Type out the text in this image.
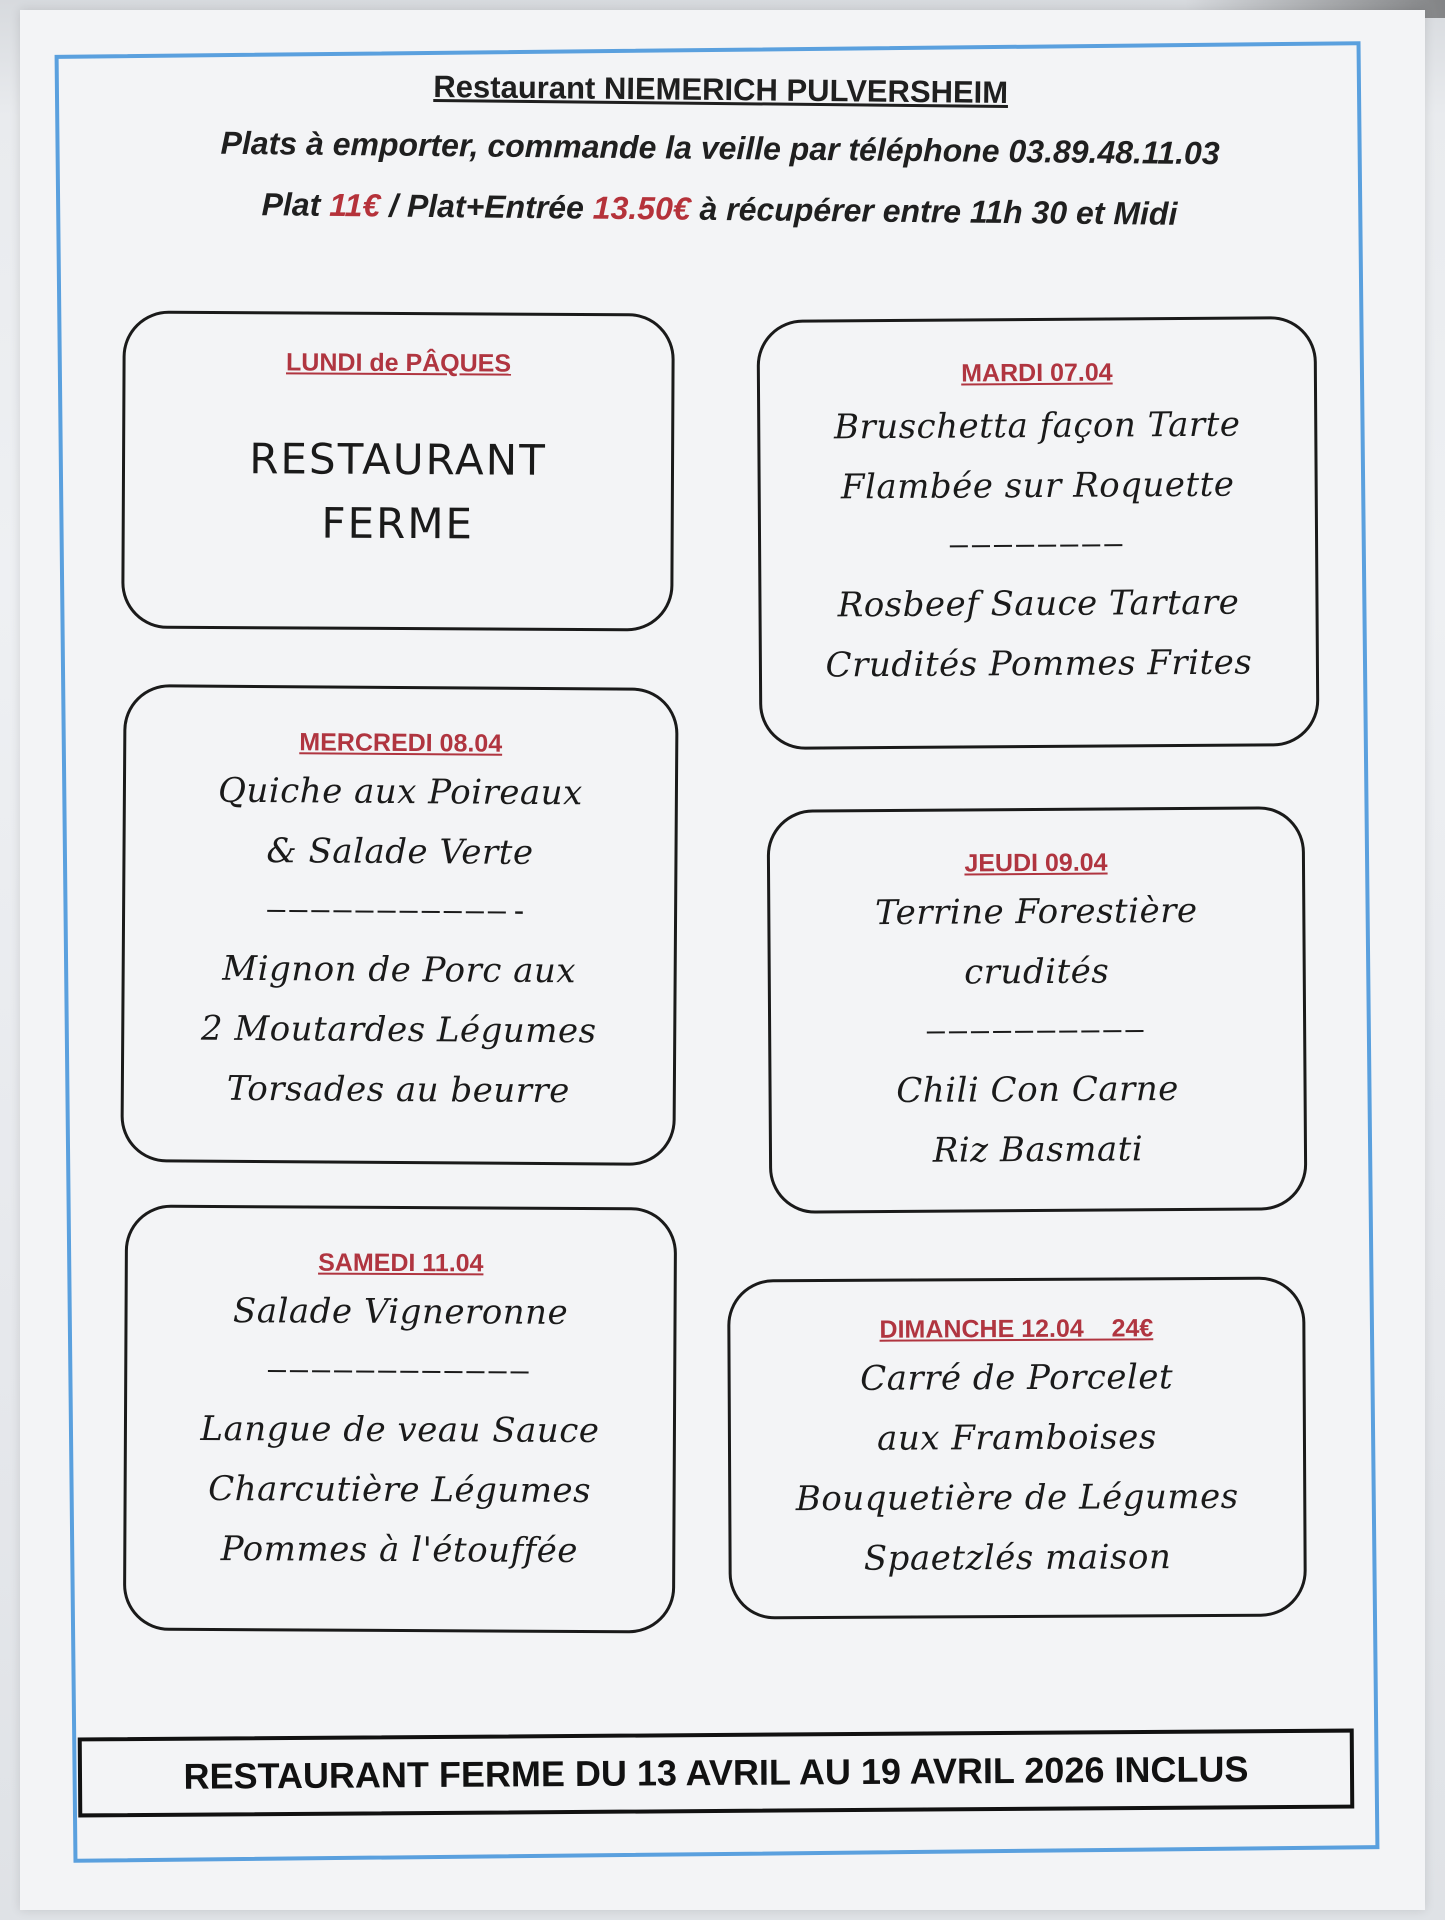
Restaurant NIEMERICH PULVERSHEIM
Plats à emporter, commande la veille par téléphone 03.89.48.11.03
Plat 11€ / Plat+Entrée 13.50€ à récupérer entre 11h 30 et Midi
LUNDI de PÂQUES
RESTAURANT
FERME
MARDI 07.04
Bruschetta façon Tarte
Flambée sur Roquette
————————
Rosbeef Sauce Tartare
Crudités Pommes Frites
MERCREDI 08.04
Quiche aux Poireaux
& Salade Verte
———————————-
Mignon de Porc aux
2 Moutardes Légumes
Torsades au beurre
JEUDI 09.04
Terrine Forestière
crudités
——————————
Chili Con Carne
Riz Basmati
SAMEDI 11.04
Salade Vigneronne
————————————
Langue de veau Sauce
Charcutière Légumes
Pommes à l'étouffée
DIMANCHE 12.04    24€
Carré de Porcelet
aux Framboises
Bouquetière de Légumes
Spaetzlés maison
RESTAURANT FERME DU 13 AVRIL AU 19 AVRIL 2026 INCLUS
